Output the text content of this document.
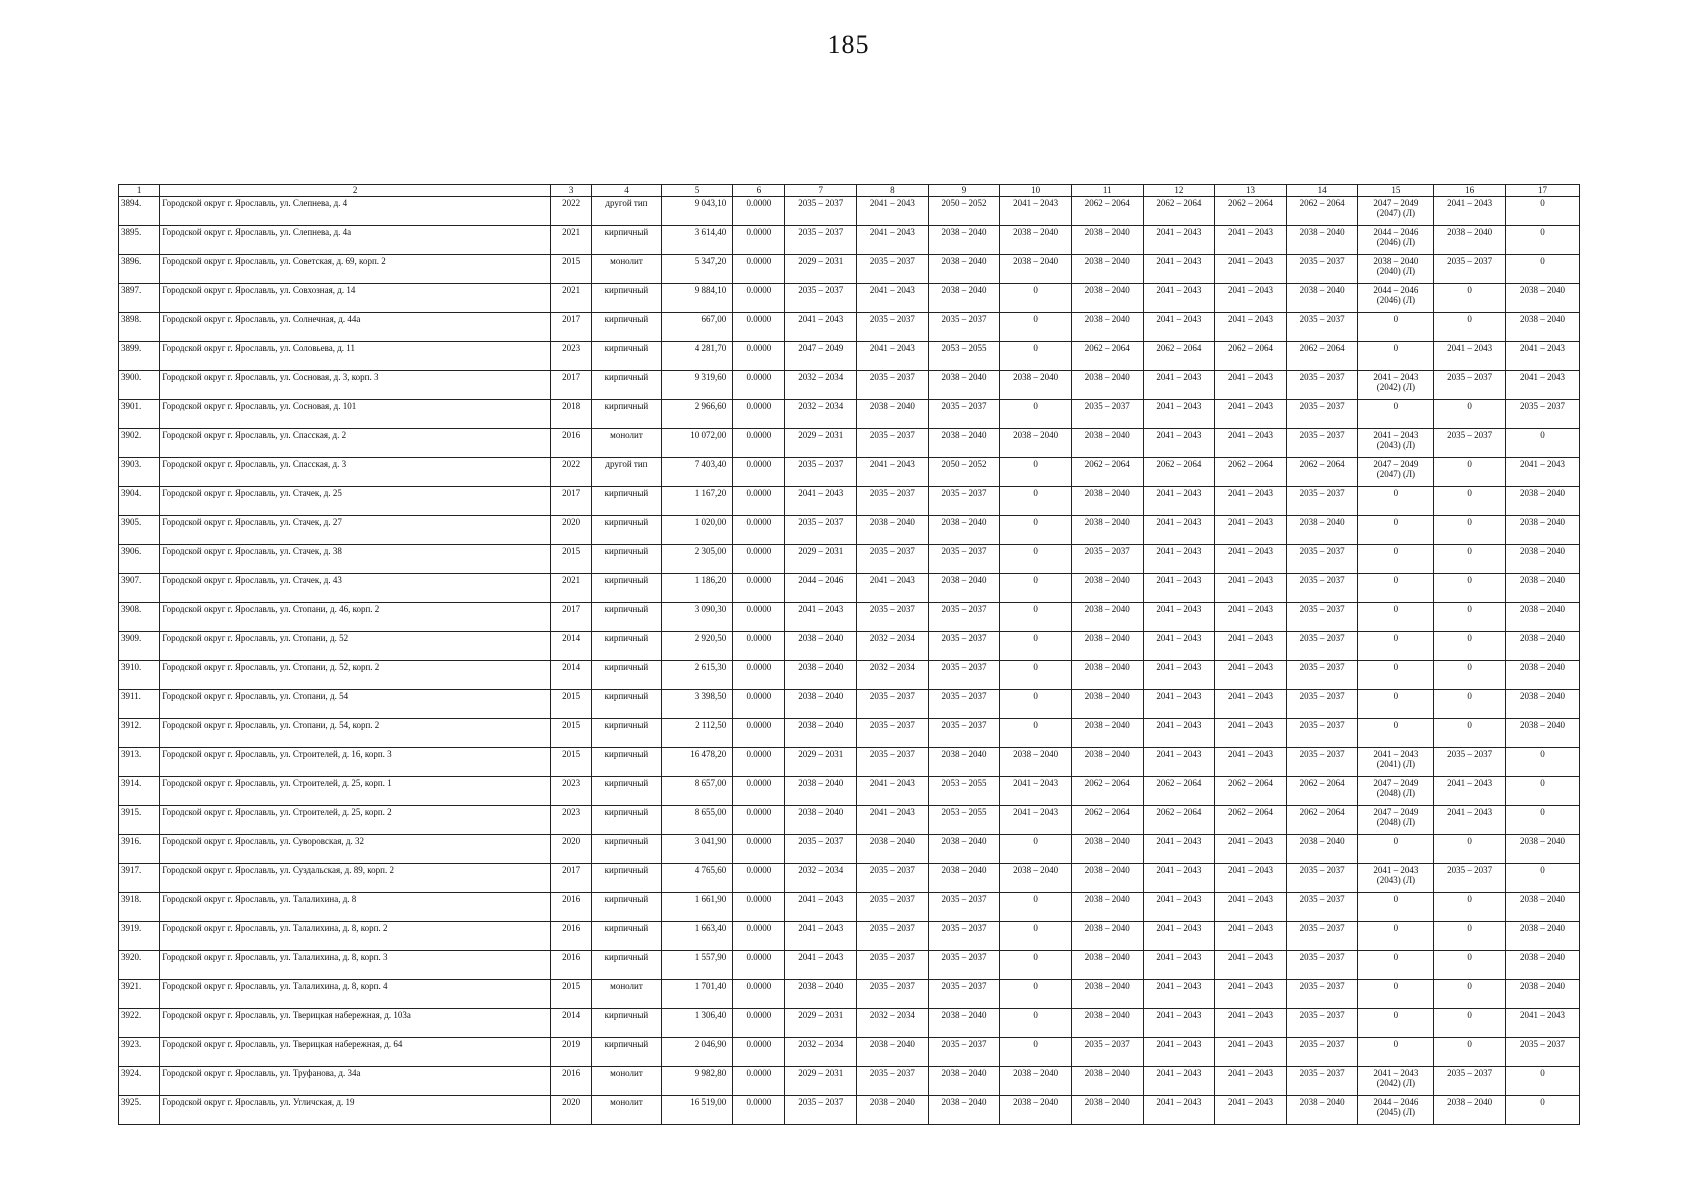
185
1	2	3	4	5	6	7	8	9	10	11	12	13	14	15	16	17
3894.	Городской округ г. Ярославль, ул. Слепнева, д. 4	2022	другой тип	9 043,10	0.0000	2035 – 2037	2041 – 2043	2050 – 2052	2041 – 2043	2062 – 2064	2062 – 2064	2062 – 2064	2062 – 2064	2047 – 2049
(2047) (Л)	2041 – 2043	0
3895.	Городской округ г. Ярославль, ул. Слепнева, д. 4а	2021	кирпичный	3 614,40	0.0000	2035 – 2037	2041 – 2043	2038 – 2040	2038 – 2040	2038 – 2040	2041 – 2043	2041 – 2043	2038 – 2040	2044 – 2046
(2046) (Л)	2038 – 2040	0
3896.	Городской округ г. Ярославль, ул. Советская, д. 69, корп. 2	2015	монолит	5 347,20	0.0000	2029 – 2031	2035 – 2037	2038 – 2040	2038 – 2040	2038 – 2040	2041 – 2043	2041 – 2043	2035 – 2037	2038 – 2040
(2040) (Л)	2035 – 2037	0
3897.	Городской округ г. Ярославль, ул. Совхозная, д. 14	2021	кирпичный	9 884,10	0.0000	2035 – 2037	2041 – 2043	2038 – 2040	0	2038 – 2040	2041 – 2043	2041 – 2043	2038 – 2040	2044 – 2046
(2046) (Л)	0	2038 – 2040
3898.	Городской округ г. Ярославль, ул. Солнечная, д. 44а	2017	кирпичный	667,00	0.0000	2041 – 2043	2035 – 2037	2035 – 2037	0	2038 – 2040	2041 – 2043	2041 – 2043	2035 – 2037	0	0	2038 – 2040
3899.	Городской округ г. Ярославль, ул. Соловьева, д. 11	2023	кирпичный	4 281,70	0.0000	2047 – 2049	2041 – 2043	2053 – 2055	0	2062 – 2064	2062 – 2064	2062 – 2064	2062 – 2064	0	2041 – 2043	2041 – 2043
3900.	Городской округ г. Ярославль, ул. Сосновая, д. 3, корп. 3	2017	кирпичный	9 319,60	0.0000	2032 – 2034	2035 – 2037	2038 – 2040	2038 – 2040	2038 – 2040	2041 – 2043	2041 – 2043	2035 – 2037	2041 – 2043
(2042) (Л)	2035 – 2037	2041 – 2043
3901.	Городской округ г. Ярославль, ул. Сосновая, д. 101	2018	кирпичный	2 966,60	0.0000	2032 – 2034	2038 – 2040	2035 – 2037	0	2035 – 2037	2041 – 2043	2041 – 2043	2035 – 2037	0	0	2035 – 2037
3902.	Городской округ г. Ярославль, ул. Спасская, д. 2	2016	монолит	10 072,00	0.0000	2029 – 2031	2035 – 2037	2038 – 2040	2038 – 2040	2038 – 2040	2041 – 2043	2041 – 2043	2035 – 2037	2041 – 2043
(2043) (Л)	2035 – 2037	0
3903.	Городской округ г. Ярославль, ул. Спасская, д. 3	2022	другой тип	7 403,40	0.0000	2035 – 2037	2041 – 2043	2050 – 2052	0	2062 – 2064	2062 – 2064	2062 – 2064	2062 – 2064	2047 – 2049
(2047) (Л)	0	2041 – 2043
3904.	Городской округ г. Ярославль, ул. Стачек, д. 25	2017	кирпичный	1 167,20	0.0000	2041 – 2043	2035 – 2037	2035 – 2037	0	2038 – 2040	2041 – 2043	2041 – 2043	2035 – 2037	0	0	2038 – 2040
3905.	Городской округ г. Ярославль, ул. Стачек, д. 27	2020	кирпичный	1 020,00	0.0000	2035 – 2037	2038 – 2040	2038 – 2040	0	2038 – 2040	2041 – 2043	2041 – 2043	2038 – 2040	0	0	2038 – 2040
3906.	Городской округ г. Ярославль, ул. Стачек, д. 38	2015	кирпичный	2 305,00	0.0000	2029 – 2031	2035 – 2037	2035 – 2037	0	2035 – 2037	2041 – 2043	2041 – 2043	2035 – 2037	0	0	2038 – 2040
3907.	Городской округ г. Ярославль, ул. Стачек, д. 43	2021	кирпичный	1 186,20	0.0000	2044 – 2046	2041 – 2043	2038 – 2040	0	2038 – 2040	2041 – 2043	2041 – 2043	2035 – 2037	0	0	2038 – 2040
3908.	Городской округ г. Ярославль, ул. Стопани, д. 46, корп. 2	2017	кирпичный	3 090,30	0.0000	2041 – 2043	2035 – 2037	2035 – 2037	0	2038 – 2040	2041 – 2043	2041 – 2043	2035 – 2037	0	0	2038 – 2040
3909.	Городской округ г. Ярославль, ул. Стопани, д. 52	2014	кирпичный	2 920,50	0.0000	2038 – 2040	2032 – 2034	2035 – 2037	0	2038 – 2040	2041 – 2043	2041 – 2043	2035 – 2037	0	0	2038 – 2040
3910.	Городской округ г. Ярославль, ул. Стопани, д. 52, корп. 2	2014	кирпичный	2 615,30	0.0000	2038 – 2040	2032 – 2034	2035 – 2037	0	2038 – 2040	2041 – 2043	2041 – 2043	2035 – 2037	0	0	2038 – 2040
3911.	Городской округ г. Ярославль, ул. Стопани, д. 54	2015	кирпичный	3 398,50	0.0000	2038 – 2040	2035 – 2037	2035 – 2037	0	2038 – 2040	2041 – 2043	2041 – 2043	2035 – 2037	0	0	2038 – 2040
3912.	Городской округ г. Ярославль, ул. Стопани, д. 54, корп. 2	2015	кирпичный	2 112,50	0.0000	2038 – 2040	2035 – 2037	2035 – 2037	0	2038 – 2040	2041 – 2043	2041 – 2043	2035 – 2037	0	0	2038 – 2040
3913.	Городской округ г. Ярославль, ул. Строителей, д. 16, корп. 3	2015	кирпичный	16 478,20	0.0000	2029 – 2031	2035 – 2037	2038 – 2040	2038 – 2040	2038 – 2040	2041 – 2043	2041 – 2043	2035 – 2037	2041 – 2043
(2041) (Л)	2035 – 2037	0
3914.	Городской округ г. Ярославль, ул. Строителей, д. 25, корп. 1	2023	кирпичный	8 657,00	0.0000	2038 – 2040	2041 – 2043	2053 – 2055	2041 – 2043	2062 – 2064	2062 – 2064	2062 – 2064	2062 – 2064	2047 – 2049
(2048) (Л)	2041 – 2043	0
3915.	Городской округ г. Ярославль, ул. Строителей, д. 25, корп. 2	2023	кирпичный	8 655,00	0.0000	2038 – 2040	2041 – 2043	2053 – 2055	2041 – 2043	2062 – 2064	2062 – 2064	2062 – 2064	2062 – 2064	2047 – 2049
(2048) (Л)	2041 – 2043	0
3916.	Городской округ г. Ярославль, ул. Суворовская, д. 32	2020	кирпичный	3 041,90	0.0000	2035 – 2037	2038 – 2040	2038 – 2040	0	2038 – 2040	2041 – 2043	2041 – 2043	2038 – 2040	0	0	2038 – 2040
3917.	Городской округ г. Ярославль, ул. Суздальская, д. 89, корп. 2	2017	кирпичный	4 765,60	0.0000	2032 – 2034	2035 – 2037	2038 – 2040	2038 – 2040	2038 – 2040	2041 – 2043	2041 – 2043	2035 – 2037	2041 – 2043
(2043) (Л)	2035 – 2037	0
3918.	Городской округ г. Ярославль, ул. Талалихина, д. 8	2016	кирпичный	1 661,90	0.0000	2041 – 2043	2035 – 2037	2035 – 2037	0	2038 – 2040	2041 – 2043	2041 – 2043	2035 – 2037	0	0	2038 – 2040
3919.	Городской округ г. Ярославль, ул. Талалихина, д. 8, корп. 2	2016	кирпичный	1 663,40	0.0000	2041 – 2043	2035 – 2037	2035 – 2037	0	2038 – 2040	2041 – 2043	2041 – 2043	2035 – 2037	0	0	2038 – 2040
3920.	Городской округ г. Ярославль, ул. Талалихина, д. 8, корп. 3	2016	кирпичный	1 557,90	0.0000	2041 – 2043	2035 – 2037	2035 – 2037	0	2038 – 2040	2041 – 2043	2041 – 2043	2035 – 2037	0	0	2038 – 2040
3921.	Городской округ г. Ярославль, ул. Талалихина, д. 8, корп. 4	2015	монолит	1 701,40	0.0000	2038 – 2040	2035 – 2037	2035 – 2037	0	2038 – 2040	2041 – 2043	2041 – 2043	2035 – 2037	0	0	2038 – 2040
3922.	Городской округ г. Ярославль, ул. Тверицкая набережная, д. 103а	2014	кирпичный	1 306,40	0.0000	2029 – 2031	2032 – 2034	2038 – 2040	0	2038 – 2040	2041 – 2043	2041 – 2043	2035 – 2037	0	0	2041 – 2043
3923.	Городской округ г. Ярославль, ул. Тверицкая набережная, д. 64	2019	кирпичный	2 046,90	0.0000	2032 – 2034	2038 – 2040	2035 – 2037	0	2035 – 2037	2041 – 2043	2041 – 2043	2035 – 2037	0	0	2035 – 2037
3924.	Городской округ г. Ярославль, ул. Труфанова, д. 34а	2016	монолит	9 982,80	0.0000	2029 – 2031	2035 – 2037	2038 – 2040	2038 – 2040	2038 – 2040	2041 – 2043	2041 – 2043	2035 – 2037	2041 – 2043
(2042) (Л)	2035 – 2037	0
3925.	Городской округ г. Ярославль, ул. Угличская, д. 19	2020	монолит	16 519,00	0.0000	2035 – 2037	2038 – 2040	2038 – 2040	2038 – 2040	2038 – 2040	2041 – 2043	2041 – 2043	2038 – 2040	2044 – 2046
(2045) (Л)	2038 – 2040	0
